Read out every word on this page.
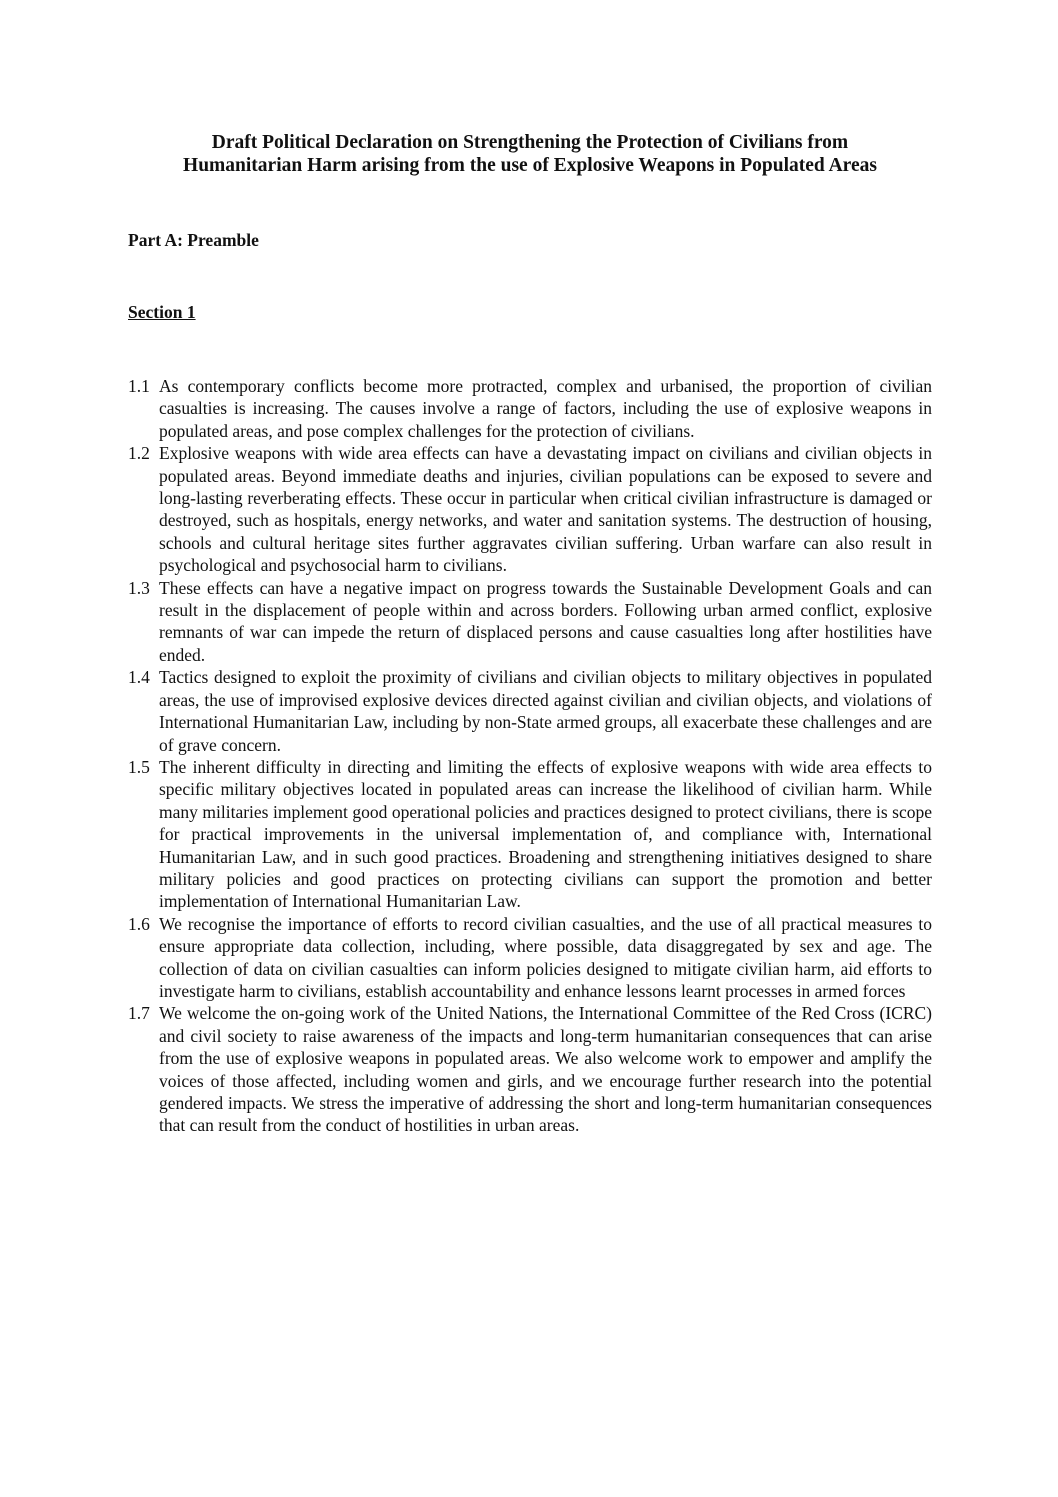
Draft Political Declaration on Strengthening the Protection of Civilians from
Humanitarian Harm arising from the use of Explosive Weapons in Populated Areas
Part A: Preamble
Section 1
1.1 As contemporary conflicts become more protracted, complex and urbanised, the proportion of civilian casualties is increasing. The causes involve a range of factors, including the use of explosive weapons in populated areas, and pose complex challenges for the protection of civilians.
1.2 Explosive weapons with wide area effects can have a devastating impact on civilians and civilian objects in populated areas. Beyond immediate deaths and injuries, civilian populations can be exposed to severe and long-lasting reverberating effects. These occur in particular when critical civilian infrastructure is damaged or destroyed, such as hospitals, energy networks, and water and sanitation systems. The destruction of housing, schools and cultural heritage sites further aggravates civilian suffering. Urban warfare can also result in psychological and psychosocial harm to civilians.
1.3 These effects can have a negative impact on progress towards the Sustainable Development Goals and can result in the displacement of people within and across borders. Following urban armed conflict, explosive remnants of war can impede the return of displaced persons and cause casualties long after hostilities have ended.
1.4 Tactics designed to exploit the proximity of civilians and civilian objects to military objectives in populated areas, the use of improvised explosive devices directed against civilian and civilian objects, and violations of International Humanitarian Law, including by non-State armed groups, all exacerbate these challenges and are of grave concern.
1.5 The inherent difficulty in directing and limiting the effects of explosive weapons with wide area effects to specific military objectives located in populated areas can increase the likelihood of civilian harm. While many militaries implement good operational policies and practices designed to protect civilians, there is scope for practical improvements in the universal implementation of, and compliance with, International Humanitarian Law, and in such good practices. Broadening and strengthening initiatives designed to share military policies and good practices on protecting civilians can support the promotion and better implementation of International Humanitarian Law.
1.6 We recognise the importance of efforts to record civilian casualties, and the use of all practical measures to ensure appropriate data collection, including, where possible, data disaggregated by sex and age. The collection of data on civilian casualties can inform policies designed to mitigate civilian harm, aid efforts to investigate harm to civilians, establish accountability and enhance lessons learnt processes in armed forces
1.7 We welcome the on-going work of the United Nations, the International Committee of the Red Cross (ICRC) and civil society to raise awareness of the impacts and long-term humanitarian consequences that can arise from the use of explosive weapons in populated areas. We also welcome work to empower and amplify the voices of those affected, including women and girls, and we encourage further research into the potential gendered impacts. We stress the imperative of addressing the short and long-term humanitarian consequences that can result from the conduct of hostilities in urban areas.
